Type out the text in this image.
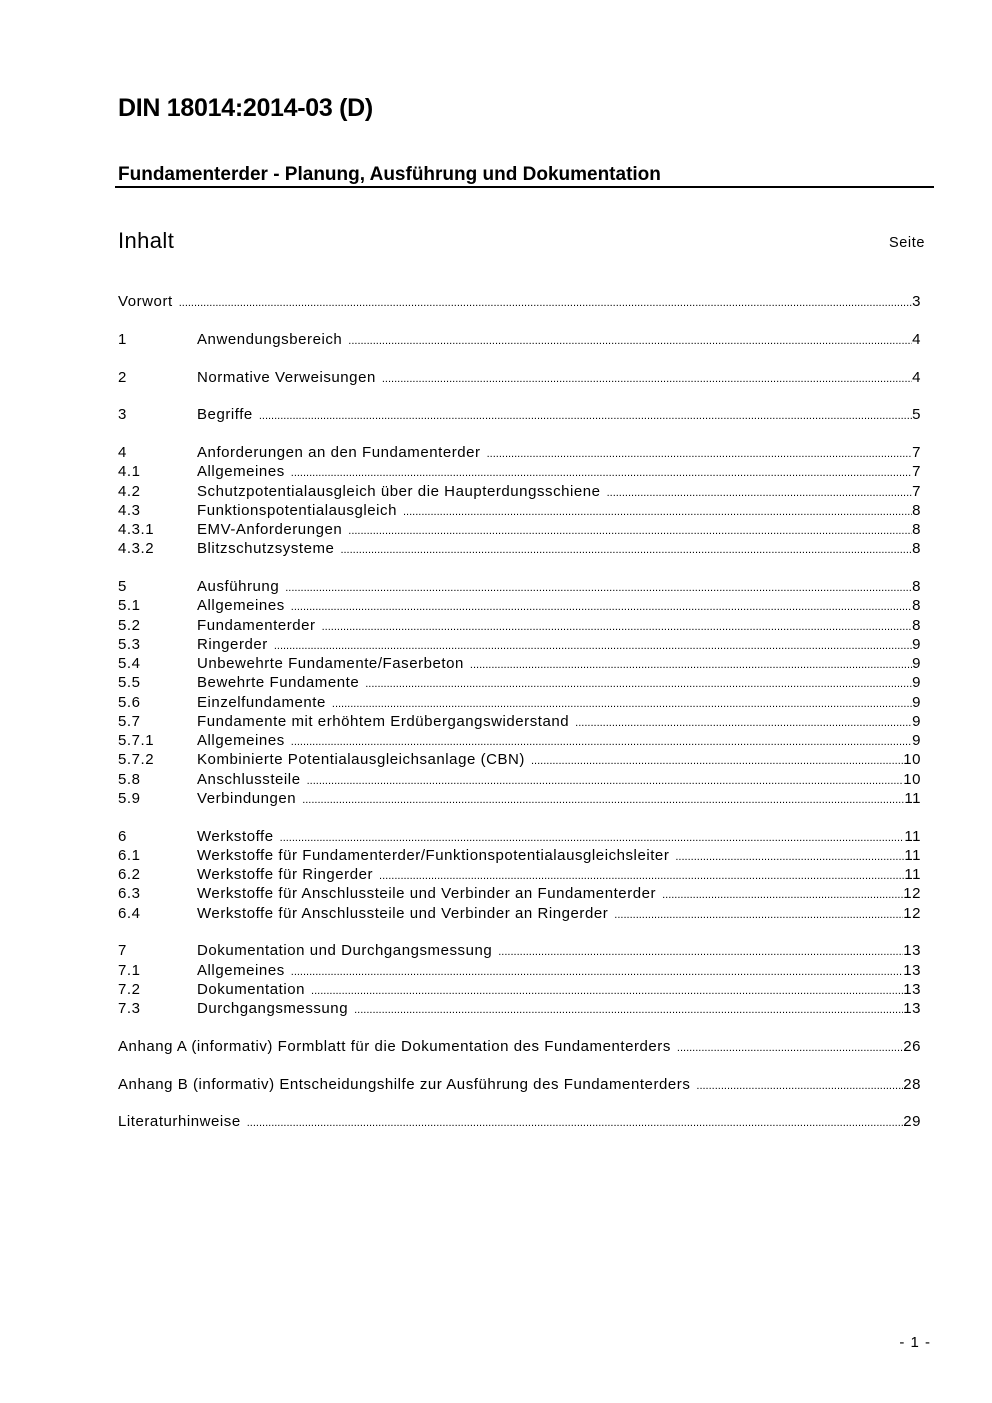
DIN 18014:2014-03 (D)
Fundamenterder - Planung, Ausführung und Dokumentation
Inhalt	Seite
Vorwort .....	3
1	Anwendungsbereich .....	4
2	Normative Verweisungen .....	4
3	Begriffe .....	5
4	Anforderungen an den Fundamenterder .....	7
4.1	Allgemeines .....	7
4.2	Schutzpotentialausgleich über die Haupterdungsschiene .....	7
4.3	Funktionspotentialausgleich .....	8
4.3.1	EMV-Anforderungen .....	8
4.3.2	Blitzschutzsysteme .....	8
5	Ausführung .....	8
5.1	Allgemeines .....	8
5.2	Fundamenterder .....	8
5.3	Ringerder .....	9
5.4	Unbewehrte Fundamente/Faserbeton .....	9
5.5	Bewehrte Fundamente .....	9
5.6	Einzelfundamente .....	9
5.7	Fundamente mit erhöhtem Erdübergangswiderstand .....	9
5.7.1	Allgemeines .....	9
5.7.2	Kombinierte Potentialausgleichsanlage (CBN) .....	10
5.8	Anschlussteile .....	10
5.9	Verbindungen .....	11
6	Werkstoffe .....	11
6.1	Werkstoffe für Fundamenterder/Funktionspotentialausgleichsleiter .....	11
6.2	Werkstoffe für Ringerder .....	11
6.3	Werkstoffe für Anschlussteile und Verbinder an Fundamenterder .....	12
6.4	Werkstoffe für Anschlussteile und Verbinder an Ringerder .....	12
7	Dokumentation und Durchgangsmessung .....	13
7.1	Allgemeines .....	13
7.2	Dokumentation .....	13
7.3	Durchgangsmessung .....	13
Anhang A (informativ) Formblatt für die Dokumentation des Fundamenterders .....	26
Anhang B (informativ) Entscheidungshilfe zur Ausführung des Fundamenterders .....	28
Literaturhinweise .....	29
- 1 -
